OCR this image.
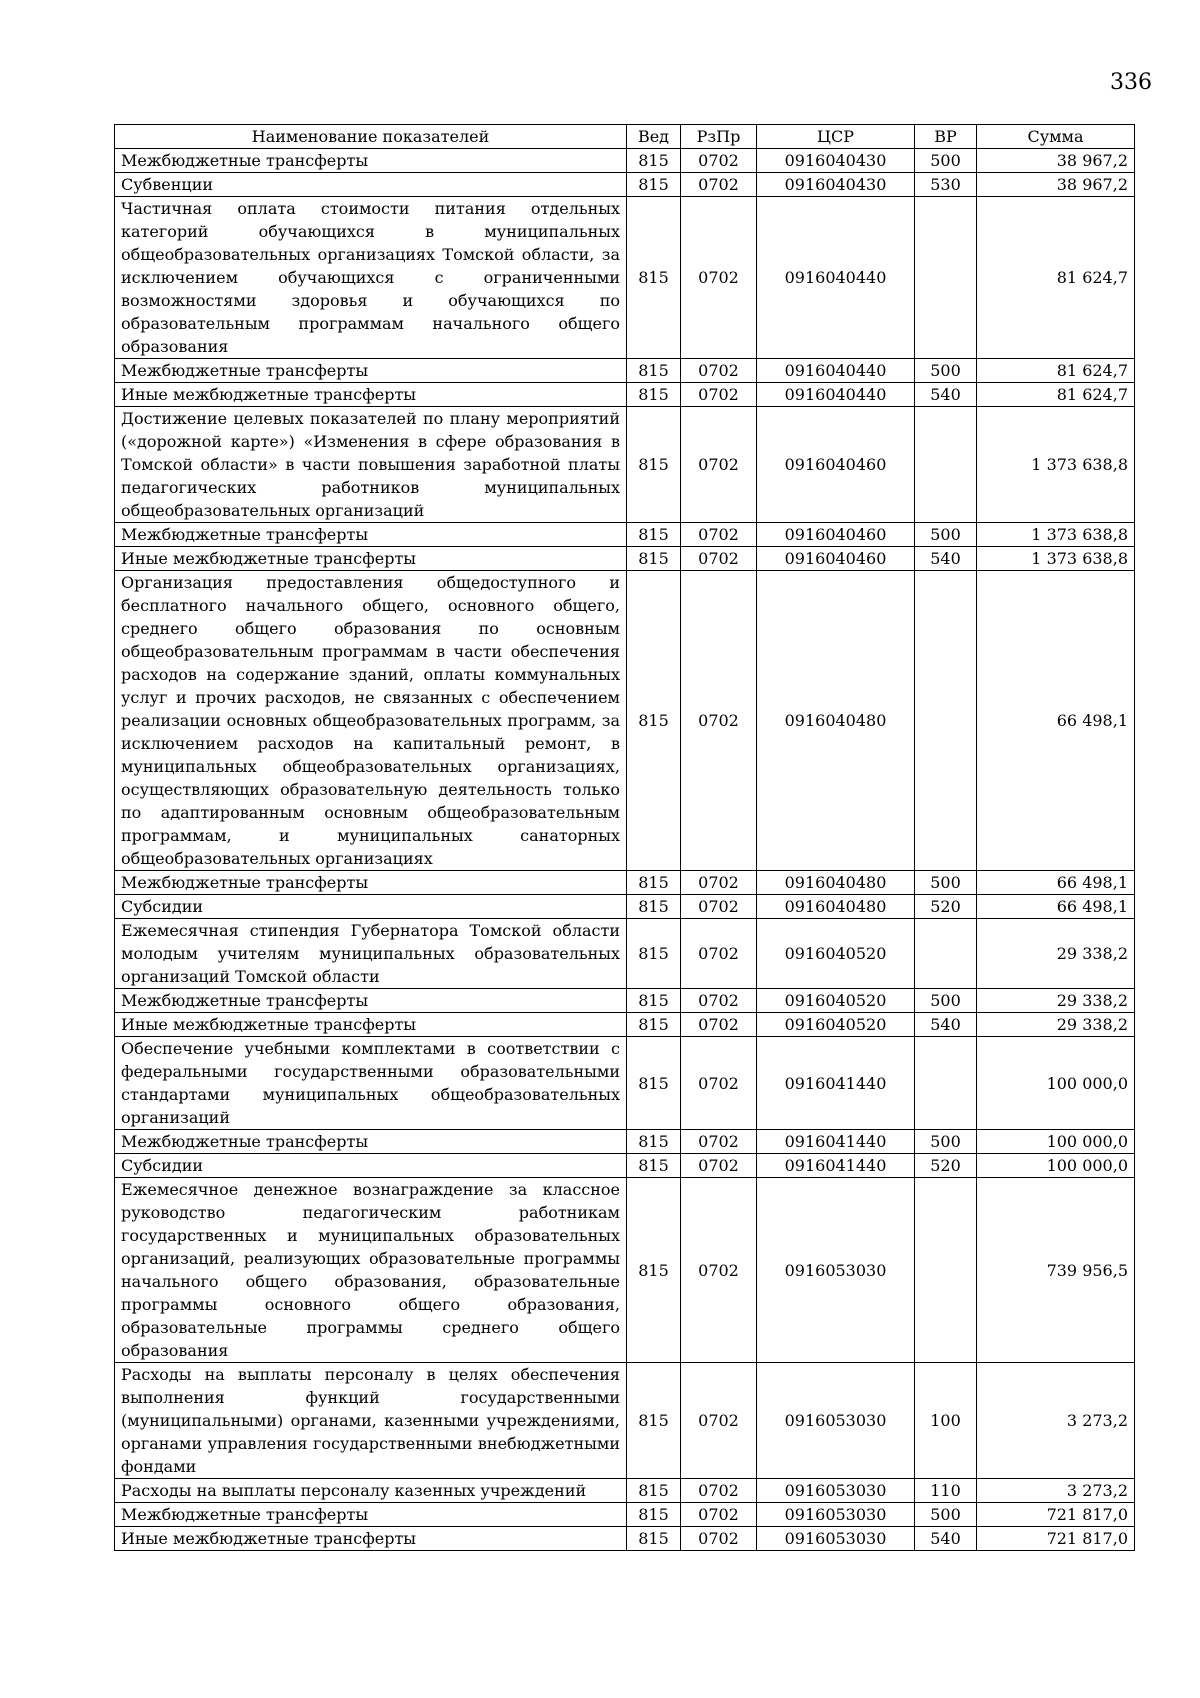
336
Наименование показателей	Вед	РзПр	ЦСР	ВР	Сумма
Межбюджетные трансферты	815	0702	0916040430	500	38 967,2
Субвенции	815	0702	0916040430	530	38 967,2
Частичная оплата стоимости питания отдельных категорий обучающихся в муниципальных общеобразовательных организациях Томской области, за исключением обучающихся с ограниченными возможностями здоровья и обучающихся по образовательным программам начального общего образования	815	0702	0916040440		81 624,7
Межбюджетные трансферты	815	0702	0916040440	500	81 624,7
Иные межбюджетные трансферты	815	0702	0916040440	540	81 624,7
Достижение целевых показателей по плану мероприятий («дорожной карте») «Изменения в сфере образования в Томской области» в части повышения заработной платы педагогических работников муниципальных общеобразовательных организаций	815	0702	0916040460		1 373 638,8
Межбюджетные трансферты	815	0702	0916040460	500	1 373 638,8
Иные межбюджетные трансферты	815	0702	0916040460	540	1 373 638,8
Организация предоставления общедоступного и бесплатного начального общего, основного общего, среднего общего образования по основным общеобразовательным программам в части обеспечения расходов на содержание зданий, оплаты коммунальных услуг и прочих расходов, не связанных с обеспечением реализации основных общеобразовательных программ, за исключением расходов на капитальный ремонт, в муниципальных общеобразовательных организациях, осуществляющих образовательную деятельность только по адаптированным основным общеобразовательным программам, и муниципальных санаторных общеобразовательных организациях	815	0702	0916040480		66 498,1
Межбюджетные трансферты	815	0702	0916040480	500	66 498,1
Субсидии	815	0702	0916040480	520	66 498,1
Ежемесячная стипендия Губернатора Томской области молодым учителям муниципальных образовательных организаций Томской области	815	0702	0916040520		29 338,2
Межбюджетные трансферты	815	0702	0916040520	500	29 338,2
Иные межбюджетные трансферты	815	0702	0916040520	540	29 338,2
Обеспечение учебными комплектами в соответствии с федеральными государственными образовательными стандартами муниципальных общеобразовательных организаций	815	0702	0916041440		100 000,0
Межбюджетные трансферты	815	0702	0916041440	500	100 000,0
Субсидии	815	0702	0916041440	520	100 000,0
Ежемесячное денежное вознаграждение за классное руководство педагогическим работникам государственных и муниципальных образовательных организаций, реализующих образовательные программы начального общего образования, образовательные программы основного общего образования, образовательные программы среднего общего образования	815	0702	0916053030		739 956,5
Расходы на выплаты персоналу в целях обеспечения выполнения функций государственными (муниципальными) органами, казенными учреждениями, органами управления государственными внебюджетными фондами	815	0702	0916053030	100	3 273,2
Расходы на выплаты персоналу казенных учреждений	815	0702	0916053030	110	3 273,2
Межбюджетные трансферты	815	0702	0916053030	500	721 817,0
Иные межбюджетные трансферты	815	0702	0916053030	540	721 817,0
